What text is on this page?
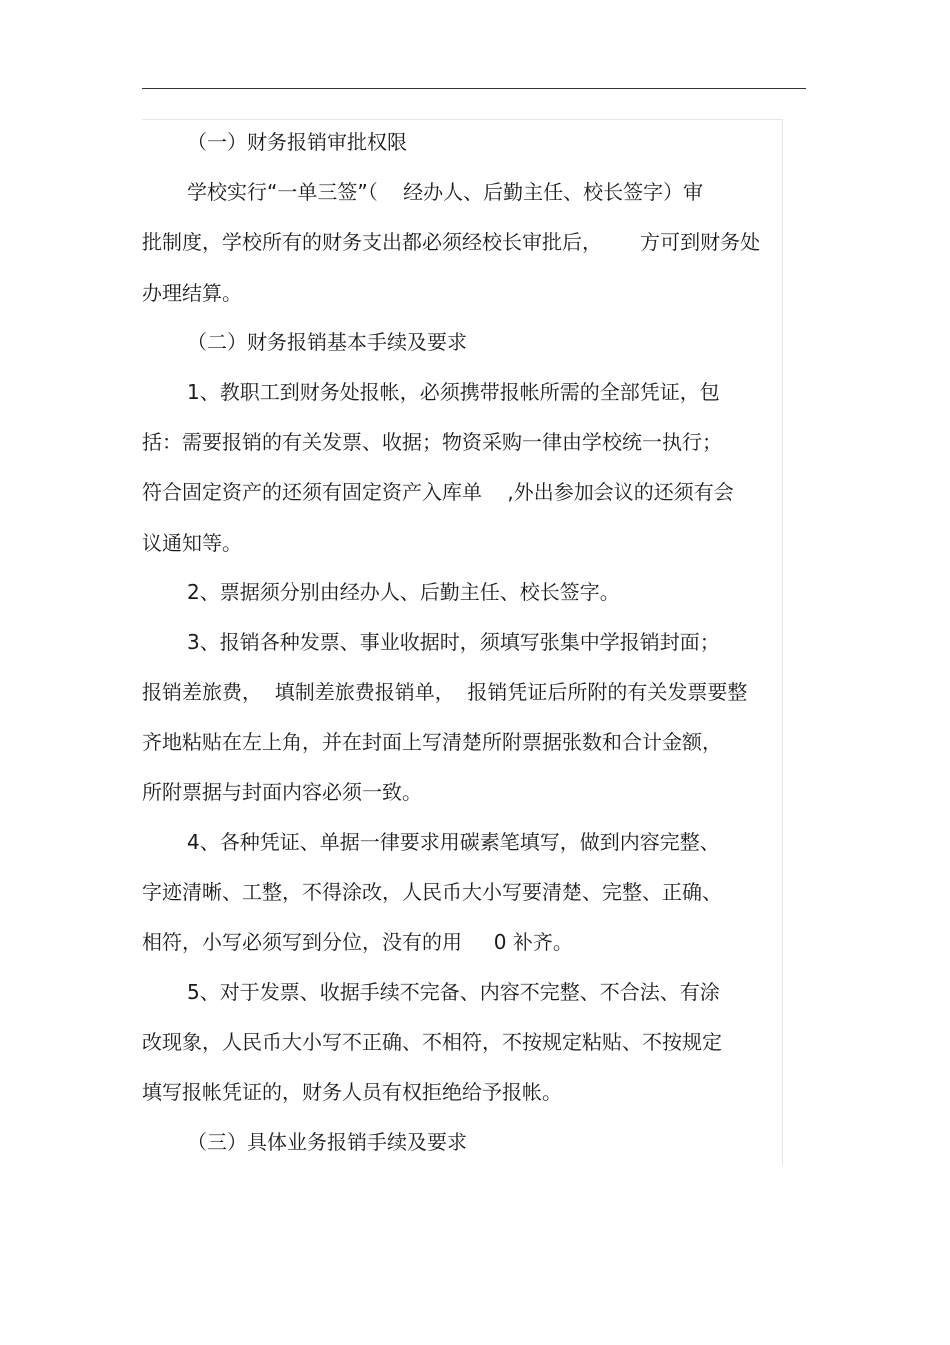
（一）财务报销审批权限
学校实行“一单三签”（    经办人、后勤主任、校长签字）审
批制度，学校所有的财务支出都必须经校长审批后，      方可到财务处
办理结算。
（二）财务报销基本手续及要求
1、教职工到财务处报帐，必须携带报帐所需的全部凭证，包
括：需要报销的有关发票、收据；物资采购一律由学校统一执行；
符合固定资产的还须有固定资产入库单    ,外出参加会议的还须有会
议通知等。
2、票据须分别由经办人、后勤主任、校长签字。
3、报销各种发票、事业收据时，须填写张集中学报销封面；
报销差旅费，  填制差旅费报销单，  报销凭证后所附的有关发票要整
齐地粘贴在左上角，并在封面上写清楚所附票据张数和合计金额，
所附票据与封面内容必须一致。
4、各种凭证、单据一律要求用碳素笔填写，做到内容完整、
字迹清晰、工整，不得涂改，人民币大小写要清楚、完整、正确、
相符，小写必须写到分位，没有的用     0 补齐。
5、对于发票、收据手续不完备、内容不完整、不合法、有涂
改现象，人民币大小写不正确、不相符，不按规定粘贴、不按规定
填写报帐凭证的，财务人员有权拒绝给予报帐。
（三）具体业务报销手续及要求
